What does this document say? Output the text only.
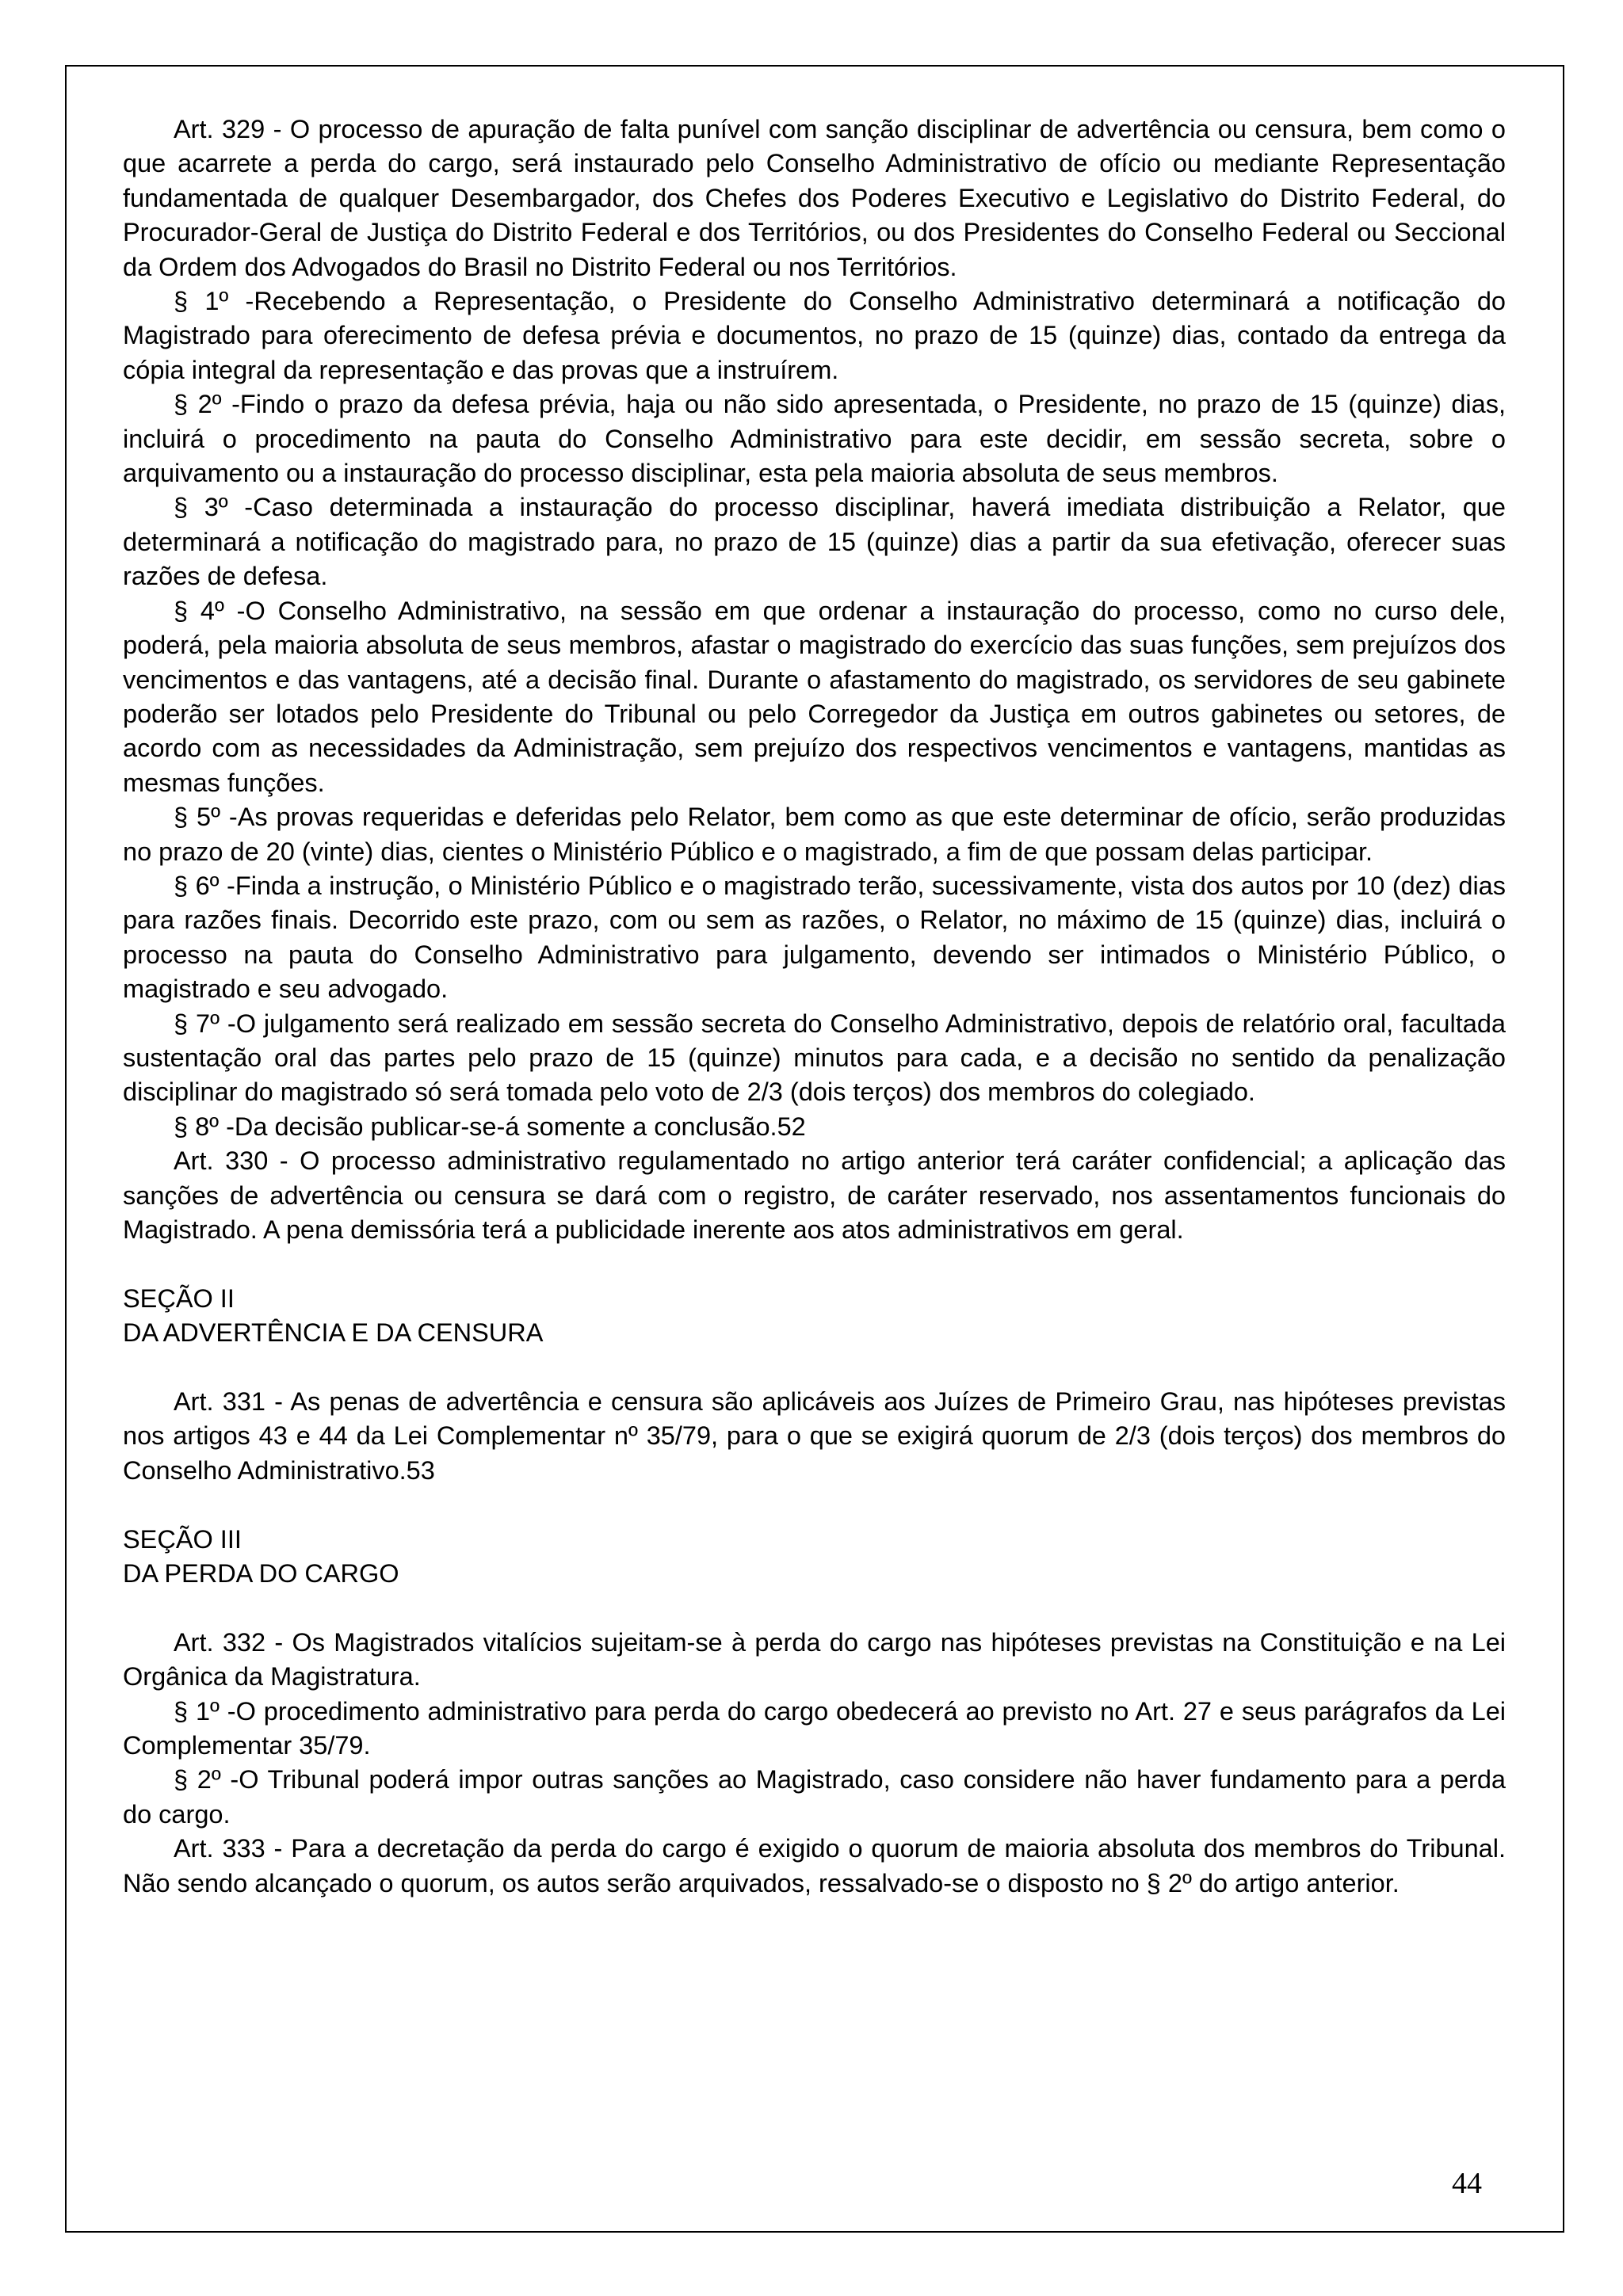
Art. 329 - O processo de apuração de falta punível com sanção disciplinar de advertência ou censura, bem como o que acarrete a perda do cargo, será instaurado pelo Conselho Administrativo de ofício ou mediante Representação fundamentada de qualquer Desembargador, dos Chefes dos Poderes Executivo e Legislativo do Distrito Federal, do Procurador-Geral de Justiça do Distrito Federal e dos Territórios, ou dos Presidentes do Conselho Federal ou Seccional da Ordem dos Advogados do Brasil no Distrito Federal ou nos Territórios.

§ 1º -Recebendo a Representação, o Presidente do Conselho Administrativo determinará a notificação do Magistrado para oferecimento de defesa prévia e documentos, no prazo de 15 (quinze) dias, contado da entrega da cópia integral da representação e das provas que a instruírem.

§ 2º -Findo o prazo da defesa prévia, haja ou não sido apresentada, o Presidente, no prazo de 15 (quinze) dias, incluirá o procedimento na pauta do Conselho Administrativo para este decidir, em sessão secreta, sobre o arquivamento ou a instauração do processo disciplinar, esta pela maioria absoluta de seus membros.

§ 3º -Caso determinada a instauração do processo disciplinar, haverá imediata distribuição a Relator, que determinará a notificação do magistrado para, no prazo de 15 (quinze) dias a partir da sua efetivação, oferecer suas razões de defesa.

§ 4º -O Conselho Administrativo, na sessão em que ordenar a instauração do processo, como no curso dele, poderá, pela maioria absoluta de seus membros, afastar o magistrado do exercício das suas funções, sem prejuízos dos vencimentos e das vantagens, até a decisão final. Durante o afastamento do magistrado, os servidores de seu gabinete poderão ser lotados pelo Presidente do Tribunal ou pelo Corregedor da Justiça em outros gabinetes ou setores, de acordo com as necessidades da Administração, sem prejuízo dos respectivos vencimentos e vantagens, mantidas as mesmas funções.

§ 5º -As provas requeridas e deferidas pelo Relator, bem como as que este determinar de ofício, serão produzidas no prazo de 20 (vinte) dias, cientes o Ministério Público e o magistrado, a fim de que possam delas participar.

§ 6º -Finda a instrução, o Ministério Público e o magistrado terão, sucessivamente, vista dos autos por 10 (dez) dias para razões finais. Decorrido este prazo, com ou sem as razões, o Relator, no máximo de 15 (quinze) dias, incluirá o processo na pauta do Conselho Administrativo para julgamento, devendo ser intimados o Ministério Público, o magistrado e seu advogado.

§ 7º -O julgamento será realizado em sessão secreta do Conselho Administrativo, depois de relatório oral, facultada sustentação oral das partes pelo prazo de 15 (quinze) minutos para cada, e a decisão no sentido da penalização disciplinar do magistrado só será tomada pelo voto de 2/3 (dois terços) dos membros do colegiado.

§ 8º -Da decisão publicar-se-á somente a conclusão.52

Art. 330 - O processo administrativo regulamentado no artigo anterior terá caráter confidencial; a aplicação das sanções de advertência ou censura se dará com o registro, de caráter reservado, nos assentamentos funcionais do Magistrado. A pena demissória terá a publicidade inerente aos atos administrativos em geral.

SEÇÃO II

DA ADVERTÊNCIA E DA CENSURA

Art. 331 - As penas de advertência e censura são aplicáveis aos Juízes de Primeiro Grau, nas hipóteses previstas nos artigos 43 e 44 da Lei Complementar nº 35/79, para o que se exigirá quorum de 2/3 (dois terços) dos membros do Conselho Administrativo.53

SEÇÃO III

DA PERDA DO CARGO

Art. 332 - Os Magistrados vitalícios sujeitam-se à perda do cargo nas hipóteses previstas na Constituição e na Lei Orgânica da Magistratura.

§ 1º -O procedimento administrativo para perda do cargo obedecerá ao previsto no Art. 27 e seus parágrafos da Lei Complementar 35/79.

§ 2º -O Tribunal poderá impor outras sanções ao Magistrado, caso considere não haver fundamento para a perda do cargo.

Art. 333 - Para a decretação da perda do cargo é exigido o quorum de maioria absoluta dos membros do Tribunal. Não sendo alcançado o quorum, os autos serão arquivados, ressalvado-se o disposto no § 2º do artigo anterior.

44
